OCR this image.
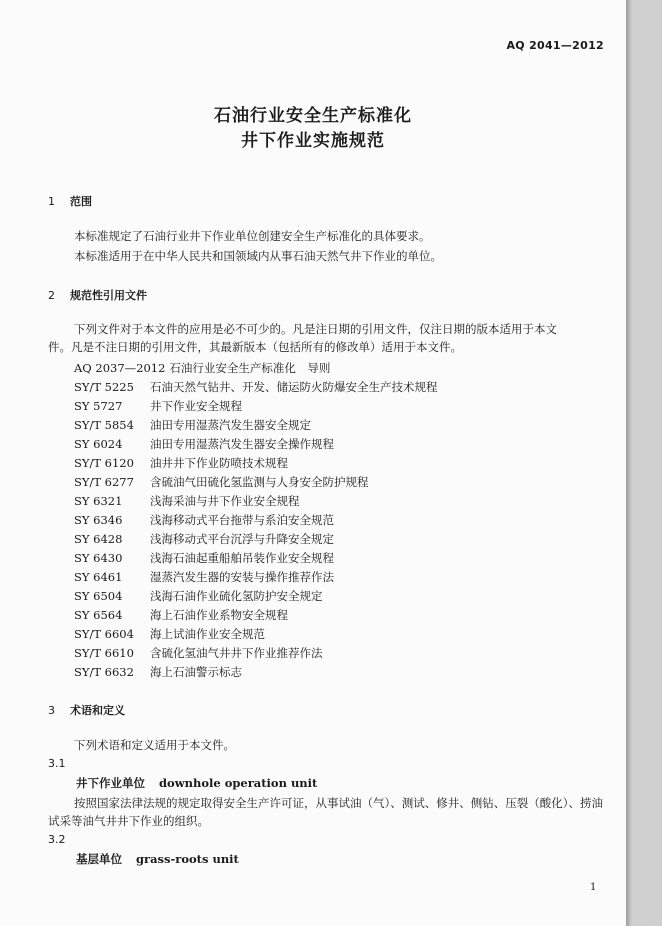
AQ 2041—2012
石油行业安全生产标准化
井下作业实施规范
1 范围
本标准规定了石油行业井下作业单位创建安全生产标准化的具体要求。
本标准适用于在中华人民共和国领域内从事石油天然气井下作业的单位。
2 规范性引用文件
下列文件对于本文件的应用是必不可少的。凡是注日期的引用文件，仅注日期的版本适用于本文
件。凡是不注日期的引用文件，其最新版本（包括所有的修改单）适用于本文件。
AQ 2037—2012 石油行业安全生产标准化　导则
SY/T 5225 石油天然气钻井、开发、储运防火防爆安全生产技术规程
SY 5727 井下作业安全规程
SY/T 5854 油田专用湿蒸汽发生器安全规定
SY 6024 油田专用湿蒸汽发生器安全操作规程
SY/T 6120 油井井下作业防喷技术规程
SY/T 6277 含硫油气田硫化氢监测与人身安全防护规程
SY 6321 浅海采油与井下作业安全规程
SY 6346 浅海移动式平台拖带与系泊安全规范
SY 6428 浅海移动式平台沉浮与升降安全规定
SY 6430 浅海石油起重船舶吊装作业安全规程
SY 6461 湿蒸汽发生器的安装与操作推荐作法
SY 6504 浅海石油作业硫化氢防护安全规定
SY 6564 海上石油作业系物安全规程
SY/T 6604 海上试油作业安全规范
SY/T 6610 含硫化氢油气井井下作业推荐作法
SY/T 6632 海上石油警示标志
3 术语和定义
下列术语和定义适用于本文件。
3.1
井下作业单位 downhole operation unit
按照国家法律法规的规定取得安全生产许可证，从事试油（气）、测试、修井、侧钻、压裂（酸化）、捞油
试采等油气井井下作业的组织。
3.2
基层单位 grass-roots unit
1
